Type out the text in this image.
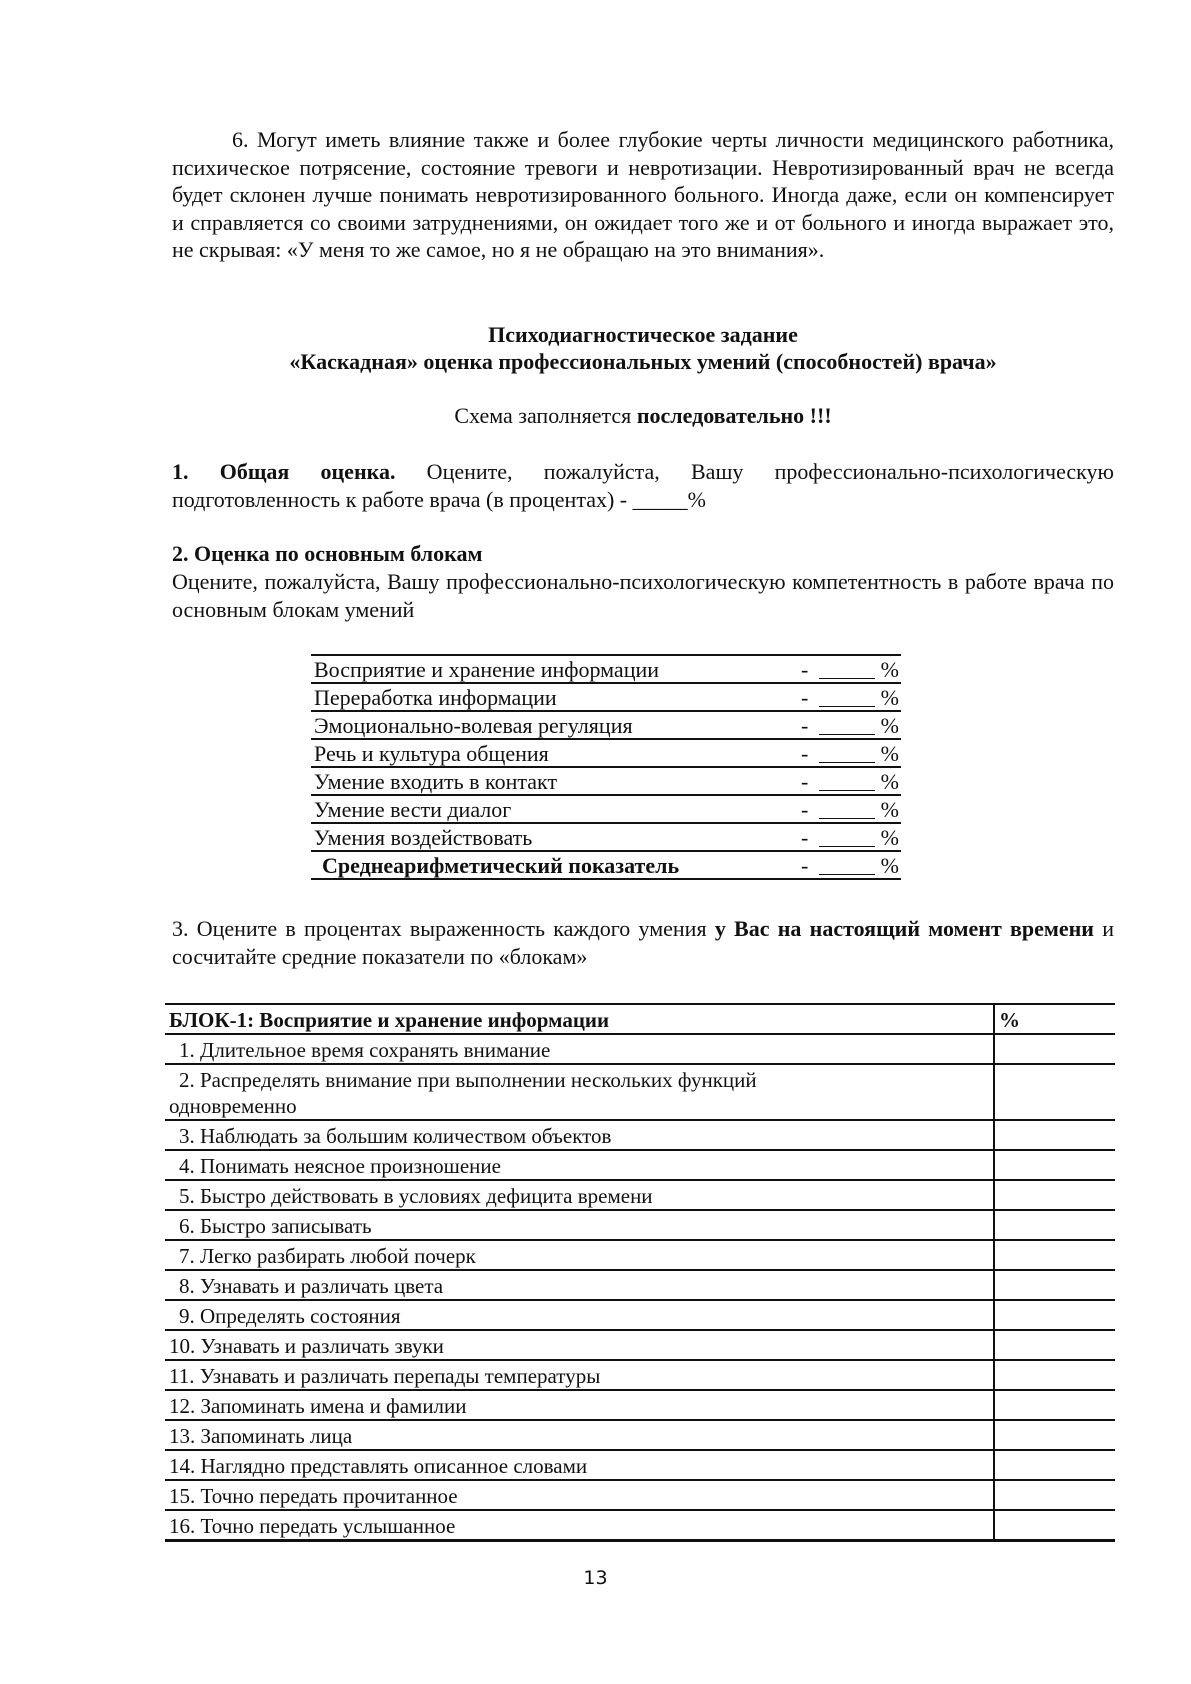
6. Могут иметь влияние также и более глубокие черты личности медицинского работника, психическое потрясение, состояние тревоги и невротизации. Невротизированный врач не всегда будет склонен лучше понимать невротизированного больного. Иногда даже, если он компенсирует и справляется со своими затруднениями, он ожидает того же и от больного и иногда выражает это, не скрывая: «У меня то же самое, но я не обращаю на это внимания».

Психодиагностическое задание

«Каскадная» оценка профессиональных умений (способностей) врача»

Схема заполняется последовательно !!!

1. Общая оценка. Оцените, пожалуйста, Вашу профессионально-психологическую подготовленность к работе врача (в процентах) - _____%

2. Оценка по основным блокам

Оцените, пожалуйста, Вашу профессионально-психологическую компетентность в работе врача по основным блокам умений

Восприятие и хранение информации	-	%
Переработка информации	-	%
Эмоционально-волевая регуляция	-	%
Речь и культура общения	-	%
Умение входить в контакт	-	%
Умение вести диалог	-	%
Умения воздействовать	-	%
Среднеарифметический показатель	-	%

3. Оцените в процентах выраженность каждого умения у Вас на настоящий момент времени и сосчитайте средние показатели по «блокам»

БЛОК-1: Восприятие и хранение информации	%
1. Длительное время сохранять внимание	
2. Распределять внимание при выполнении нескольких функций
одновременно	
3. Наблюдать за большим количеством объектов	
4. Понимать неясное произношение	
5. Быстро действовать в условиях дефицита времени	
6. Быстро записывать	
7. Легко разбирать любой почерк	
8. Узнавать и различать цвета	
9. Определять состояния	
10. Узнавать и различать звуки	
11. Узнавать и различать перепады температуры	
12. Запоминать имена и фамилии	
13. Запоминать лица	
14. Наглядно представлять описанное словами	
15. Точно передать прочитанное	
16. Точно передать услышанное	
13
